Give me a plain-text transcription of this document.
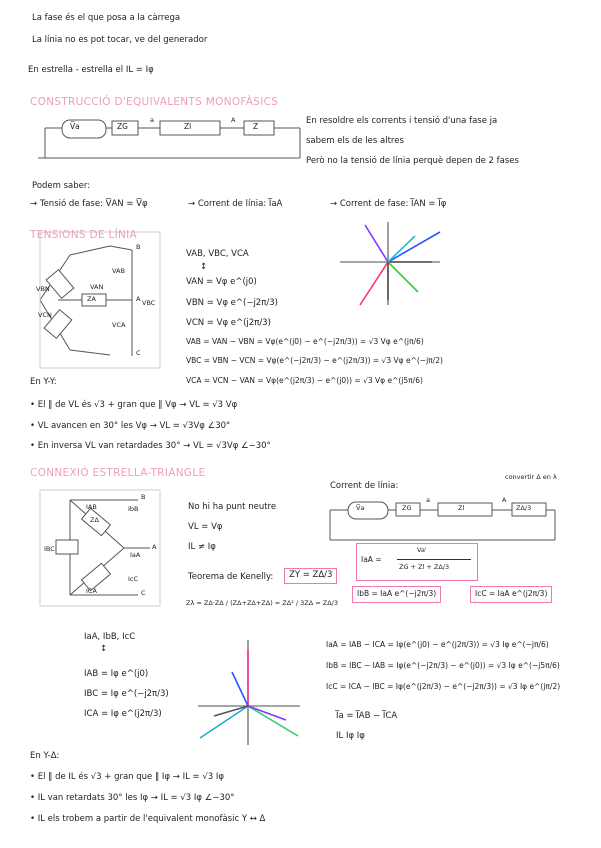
La fase és el que posa a la càrrega
La línia no es pot tocar, ve del generador
En estrella - estrella el IL = Iφ
CONSTRUCCIÓ D'EQUIVALENTS MONOFÀSICS
V̅a	ZG	Zl	Z
a	A	En resoldre els corrents i tensió d'una fase ja
sabem els de les altres
Però no la tensió de línia perquè depen de 2 fases
Podem saber:
→ Tensió de fase: V̅AN = V̅φ	→ Corrent de línia: I̅aA	→ Corrent de fase: I̅AN = I̅φ
TENSIONS DE LÍNIA
B
A
C
VAB
VAN
VBC
VCA
VBN
VCN
ZA
VAB, VBC, VCA
↕
VAN = Vφ e^(j0)
VBN = Vφ e^(−j2π/3)
VCN = Vφ e^(j2π/3)
VAB = VAN − VBN = Vφ(e^(j0) − e^(−j2π/3)) = √3 Vφ e^(jπ/6)
VBC = VBN − VCN = Vφ(e^(−j2π/3) − e^(j2π/3)) = √3 Vφ e^(−jπ/2)
VCA = VCN − VAN = Vφ(e^(j2π/3) − e^(j0)) = √3 Vφ e^(j5π/6)
En Y-Y:
• El ‖ de VL és √3 + gran que ‖ Vφ → VL = √3 Vφ
• VL avancen en 30° les Vφ → VL = √3Vφ ∠30°
• En inversa VL van retardades 30° → VL = √3Vφ ∠−30°
CONNEXIÓ ESTRELLA-TRIANGLE	convertir Δ en λ
B
A
C
IAB
IBC
ICA
IbB
IaA
IcC
ZΔ
No hi ha punt neutre
VL = Vφ
IL ≠ Iφ
Teorema de Kenelly:	ZY = ZΔ/3
Zλ = ZΔ·ZΔ / (ZΔ+ZΔ+ZΔ) = ZΔ² / 3ZΔ = ZΔ/3
Corrent de línia:
V̅a	ZG	Zl	ZΔ/3
a	A
IaA =
Va'
ZG + Zl + ZΔ/3
IbB = IaA e^(−j2π/3)	IcC = IaA e^(j2π/3)
IaA, IbB, IcC
↕
IAB = Iφ e^(j0)
IBC = Iφ e^(−j2π/3)
ICA = Iφ e^(j2π/3)
IaA = IAB − ICA = Iφ(e^(j0) − e^(j2π/3)) = √3 Iφ e^(−jπ/6)
IbB = IBC − IAB = Iφ(e^(−j2π/3) − e^(j0)) = √3 Iφ e^(−j5π/6)
IcC = ICA − IBC = Iφ(e^(j2π/3) − e^(−j2π/3)) = √3 Iφ e^(jπ/2)
I̅a = I̅AB − I̅CA
IL Iφ Iφ
En Y-Δ:
• El ‖ de IL és √3 + gran que ‖ Iφ → IL = √3 Iφ
• IL van retardats 30° les Iφ → IL = √3 Iφ ∠−30°
• IL els trobem a partir de l'equivalent monofàsic Y ↔ Δ
